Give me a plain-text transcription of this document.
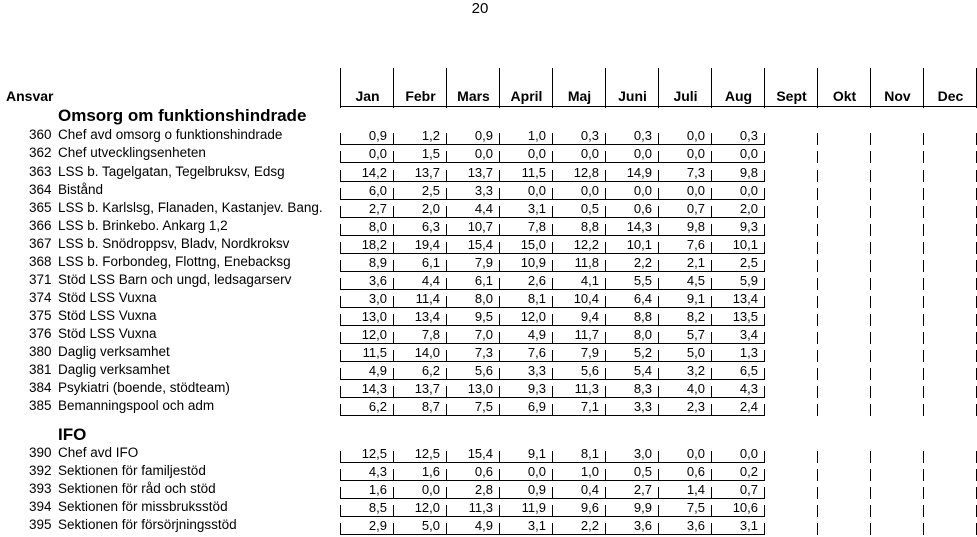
20
Ansvar	Jan	Febr	Mars	April	Maj	Juni	Juli	Aug	Sept	Okt	Nov	Dec
Omsorg om funktionshindrade
360 Chef avd omsorg o funktionshindrade	0,9	1,2	0,9	1,0	0,3	0,3	0,0	0,3
362 Chef utvecklingsenheten	0,0	1,5	0,0	0,0	0,0	0,0	0,0	0,0
363 LSS b. Tagelgatan, Tegelbruksv, Edsg	14,2	13,7	13,7	11,5	12,8	14,9	7,3	9,8
364 Bistånd	6,0	2,5	3,3	0,0	0,0	0,0	0,0	0,0
365 LSS b. Karlslsg, Flanaden, Kastanjev. Bang.	2,7	2,0	4,4	3,1	0,5	0,6	0,7	2,0
366 LSS b. Brinkebo. Ankarg 1,2	8,0	6,3	10,7	7,8	8,8	14,3	9,8	9,3
367 LSS b. Snödroppsv, Bladv, Nordkroksv	18,2	19,4	15,4	15,0	12,2	10,1	7,6	10,1
368 LSS b. Forbondeg, Flottng, Enebacksg	8,9	6,1	7,9	10,9	11,8	2,2	2,1	2,5
371 Stöd LSS Barn och ungd, ledsagarserv	3,6	4,4	6,1	2,6	4,1	5,5	4,5	5,9
374 Stöd LSS Vuxna	3,0	11,4	8,0	8,1	10,4	6,4	9,1	13,4
375 Stöd LSS Vuxna	13,0	13,4	9,5	12,0	9,4	8,8	8,2	13,5
376 Stöd LSS Vuxna	12,0	7,8	7,0	4,9	11,7	8,0	5,7	3,4
380 Daglig verksamhet	11,5	14,0	7,3	7,6	7,9	5,2	5,0	1,3
381 Daglig verksamhet	4,9	6,2	5,6	3,3	5,6	5,4	3,2	6,5
384 Psykiatri (boende, stödteam)	14,3	13,7	13,0	9,3	11,3	8,3	4,0	4,3
385 Bemanningspool och adm	6,2	8,7	7,5	6,9	7,1	3,3	2,3	2,4
IFO
390 Chef avd IFO	12,5	12,5	15,4	9,1	8,1	3,0	0,0	0,0
392 Sektionen för familjestöd	4,3	1,6	0,6	0,0	1,0	0,5	0,6	0,2
393 Sektionen för råd och stöd	1,6	0,0	2,8	0,9	0,4	2,7	1,4	0,7
394 Sektionen för missbruksstöd	8,5	12,0	11,3	11,9	9,6	9,9	7,5	10,6
395 Sektionen för försörjningsstöd	2,9	5,0	4,9	3,1	2,2	3,6	3,6	3,1
